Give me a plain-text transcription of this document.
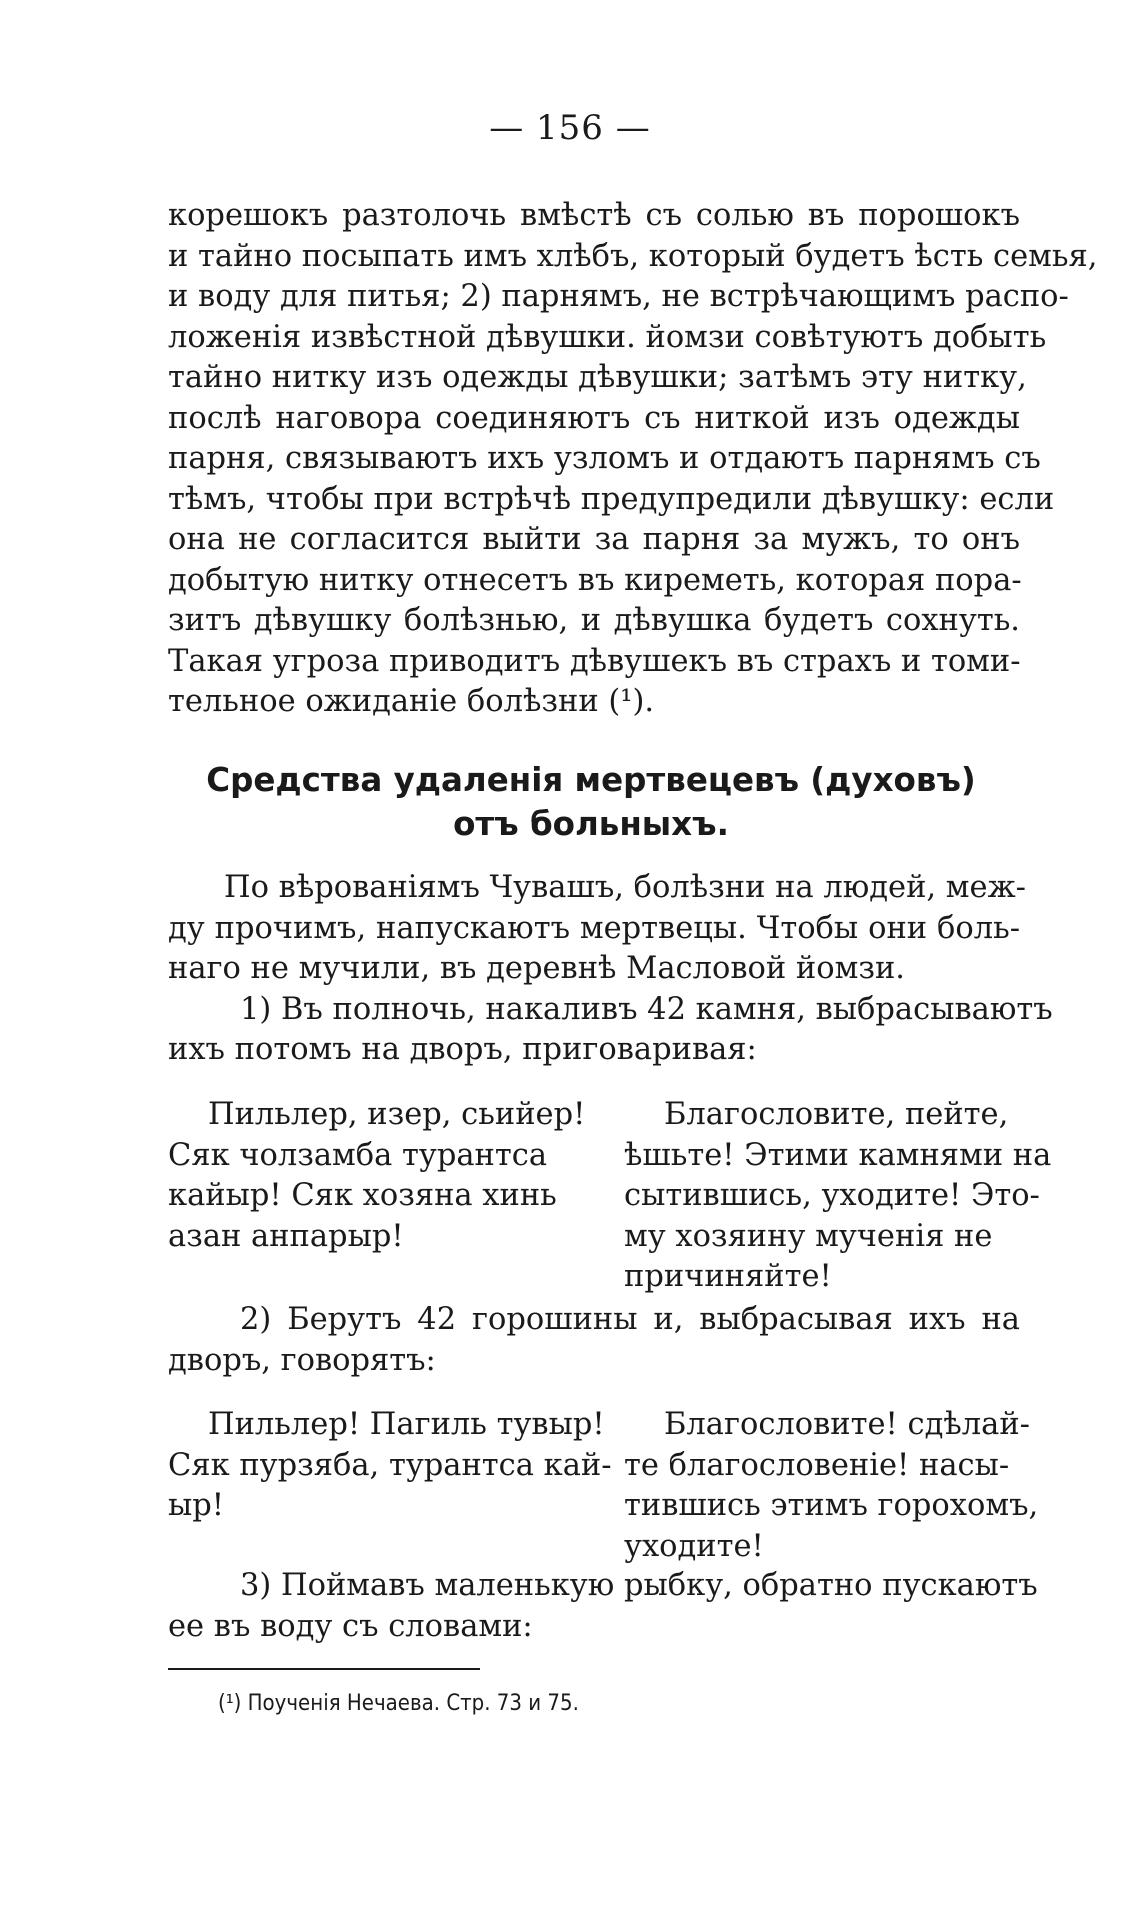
— 156 —
корешокъ разтолочь вмѣстѣ съ солью въ порошокъ
и тайно посыпать имъ хлѣбъ, который будетъ ѣсть семья,
и воду для питья; 2) парнямъ, не встрѣчающимъ распо-
ложенія извѣстной дѣвушки. йомзи совѣтуютъ добыть
тайно нитку изъ одежды дѣвушки; затѣмъ эту нитку,
послѣ наговора соединяютъ съ ниткой изъ одежды
парня, связываютъ ихъ узломъ и отдаютъ парнямъ съ
тѣмъ, чтобы при встрѣчѣ предупредили дѣвушку: если
она не согласится выйти за парня за мужъ, то онъ
добытую нитку отнесетъ въ киреметь, которая пора-
зитъ дѣвушку болѣзнью, и дѣвушка будетъ сохнуть.
Такая угроза приводитъ дѣвушекъ въ страхъ и томи-
тельное ожиданіе болѣзни (¹).
Средства удаленія мертвецевъ (духовъ)
отъ больныхъ.
По вѣрованіямъ Чувашъ, болѣзни на людей, меж-
ду прочимъ, напускаютъ мертвецы. Чтобы они боль-
наго не мучили, въ деревнѣ Масловой йомзи.
1) Въ полночь, накаливъ 42 камня, выбрасываютъ
ихъ потомъ на дворъ, приговаривая:
Пильлер, изер, сьийер!
Сяк чолзамба турантса
кайыр! Сяк хозяна хинь
азан анпарыр!
Благословите, пейте,
ѣшьте! Этими камнями на
сытившись, уходите! Это-
му хозяину мученія не
причиняйте!
2) Берутъ 42 горошины и, выбрасывая ихъ на
дворъ, говорятъ:
Пильлер! Пагиль тувыр!
Сяк пурзяба, турантса кай-
ыр!
Благословите! сдѣлай-
те благословеніе! насы-
тившись этимъ горохомъ,
уходите!
3) Поймавъ маленькую рыбку, обратно пускаютъ
ее въ воду съ словами:
(¹) Поученія Нечаева. Стр. 73 и 75.
